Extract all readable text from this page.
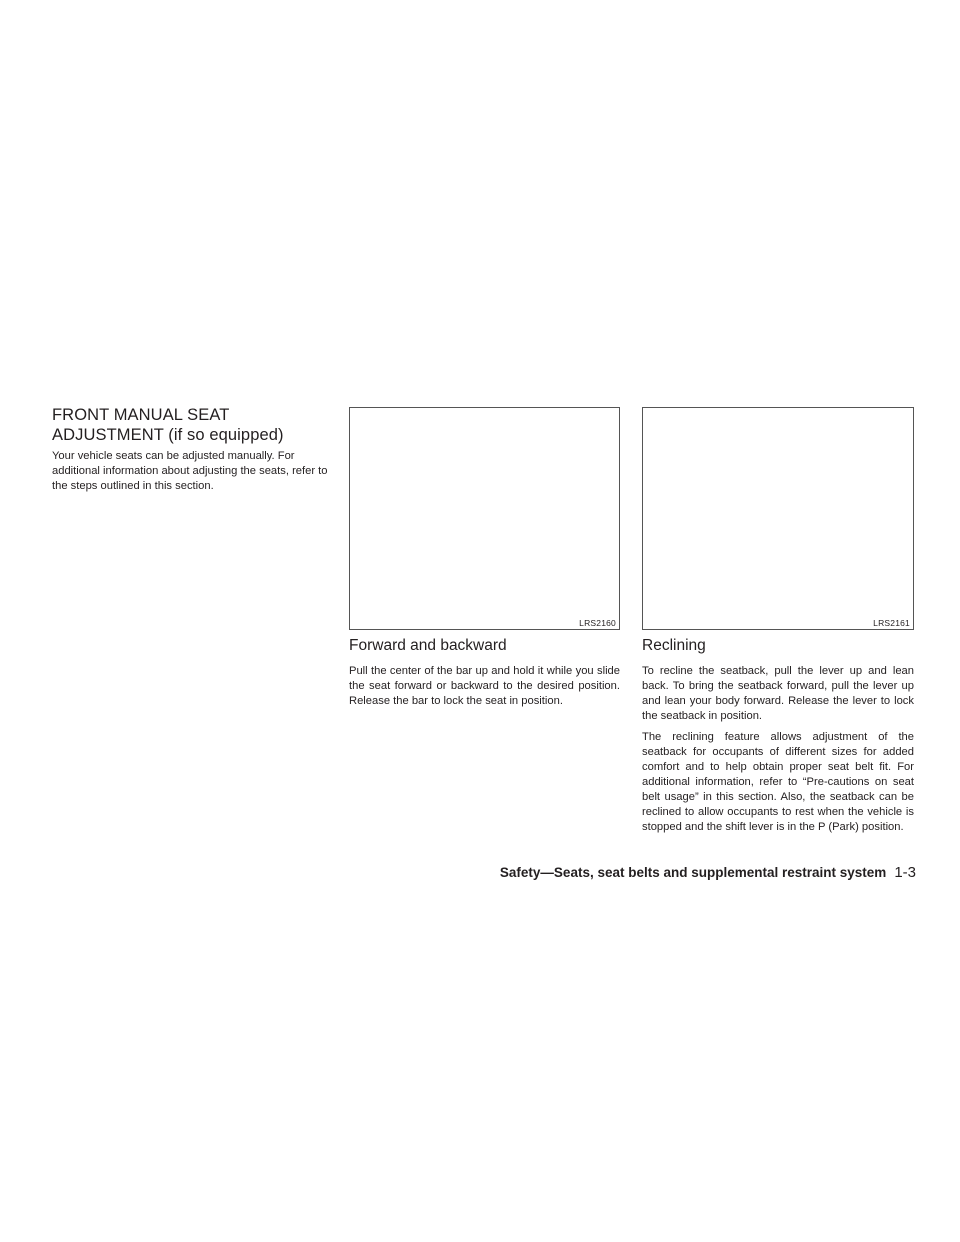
FRONT MANUAL SEAT
ADJUSTMENT (if so equipped)

Your vehicle seats can be adjusted manually. For additional information about adjusting the seats, refer to the steps outlined in this section.

LRS2160
Forward and backward

Pull the center of the bar up and hold it while you slide the seat forward or backward to the desired position. Release the bar to lock the seat in position.

LRS2161
Reclining

To recline the seatback, pull the lever up and lean back. To bring the seatback forward, pull the lever up and lean your body forward. Release the lever to lock the seatback in position.

The reclining feature allows adjustment of the seatback for occupants of different sizes for added comfort and to help obtain proper seat belt fit. For additional information, refer to “Pre-cautions on seat belt usage” in this section. Also, the seatback can be reclined to allow occupants to rest when the vehicle is stopped and the shift lever is in the P (Park) position.

Safety—Seats, seat belts and supplemental restraint system 1-3
